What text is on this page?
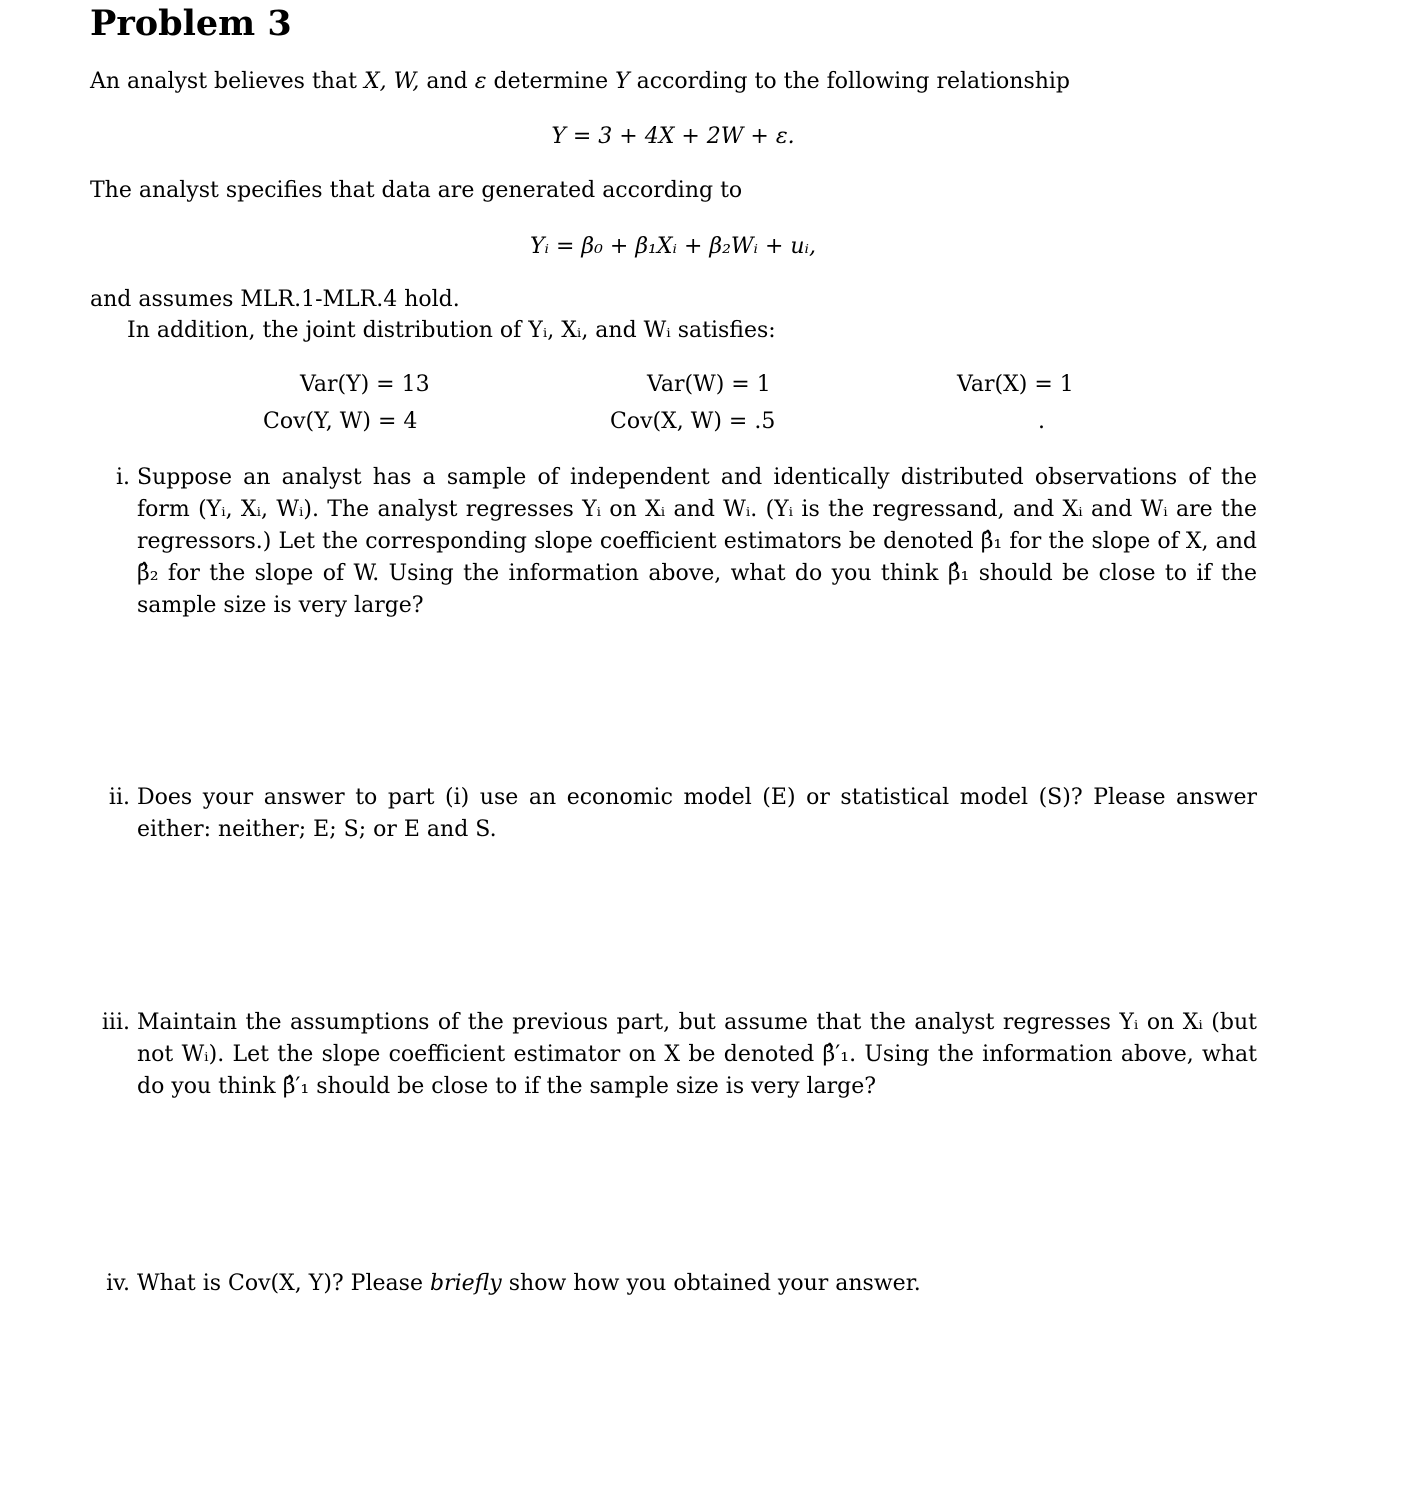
Problem 3
An analyst believes that X, W, and ε determine Y according to the following relationship
Y = 3 + 4X + 2W + ε.
The analyst specifies that data are generated according to
Yᵢ = β₀ + β₁Xᵢ + β₂Wᵢ + uᵢ,
and assumes MLR.1-MLR.4 hold.
In addition, the joint distribution of Yᵢ, Xᵢ, and Wᵢ satisfies:
Var(Y) = 13	Var(W) = 1	Var(X) = 1
Cov(Y, W) = 4	Cov(X, W) = .5	.
i. Suppose an analyst has a sample of independent and identically distributed observations of the form (Yᵢ, Xᵢ, Wᵢ). The analyst regresses Yᵢ on Xᵢ and Wᵢ. (Yᵢ is the regressand, and Xᵢ and Wᵢ are the regressors.) Let the corresponding slope coefficient estimators be denoted β̂₁ for the slope of X, and β̂₂ for the slope of W. Using the information above, what do you think β̂₁ should be close to if the sample size is very large?
ii. Does your answer to part (i) use an economic model (E) or statistical model (S)? Please answer either: neither; E; S; or E and S.
iii. Maintain the assumptions of the previous part, but assume that the analyst regresses Yᵢ on Xᵢ (but not Wᵢ). Let the slope coefficient estimator on X be denoted β̂′₁. Using the information above, what do you think β̂′₁ should be close to if the sample size is very large?
iv. What is Cov(X, Y)? Please briefly show how you obtained your answer.
